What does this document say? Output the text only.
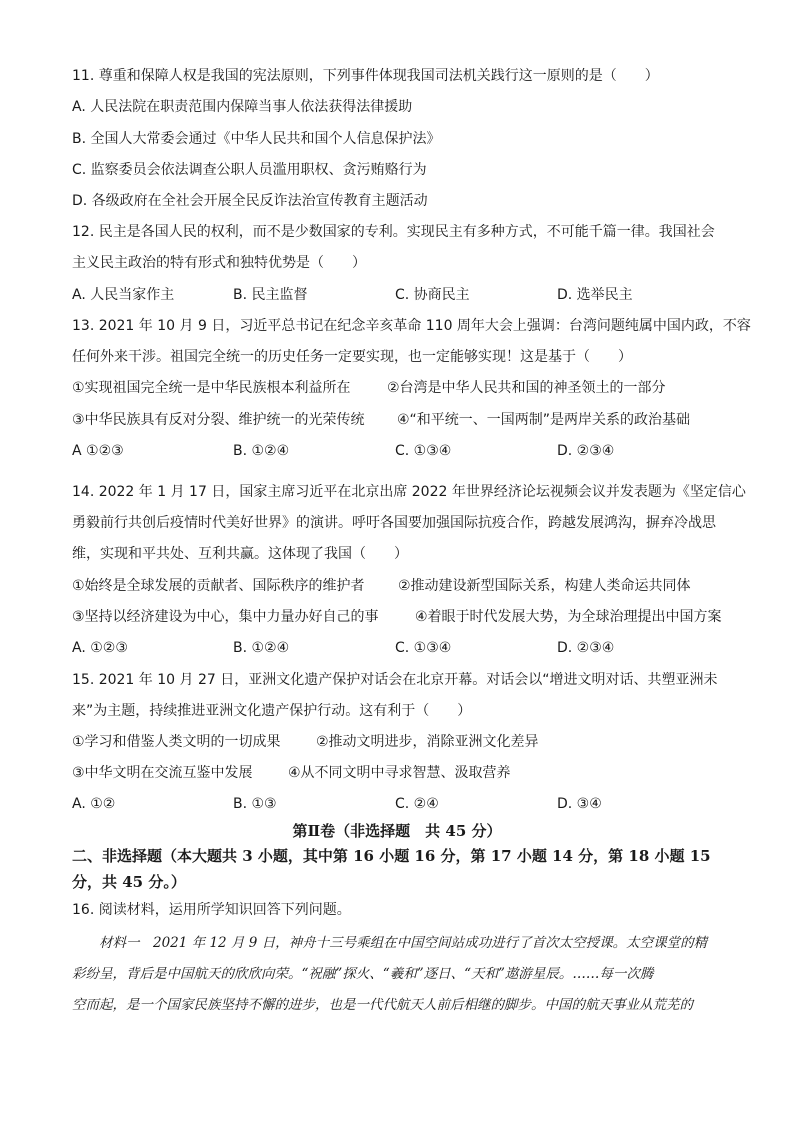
11. 尊重和保障人权是我国的宪法原则，下列事件体现我国司法机关践行这一原则的是（　　）
A. 人民法院在职责范围内保障当事人依法获得法律援助
B. 全国人大常委会通过《中华人民共和国个人信息保护法》
C. 监察委员会依法调查公职人员滥用职权、贪污贿赂行为
D. 各级政府在全社会开展全民反诈法治宣传教育主题活动
12. 民主是各国人民的权利，而不是少数国家的专利。实现民主有多种方式，不可能千篇一律。我国社会
主义民主政治的特有形式和独特优势是（　　）
A. 人民当家作主	B. 民主监督	C. 协商民主	D. 选举民主
13. 2021 年 10 月 9 日，习近平总书记在纪念辛亥革命 110 周年大会上强调：台湾问题纯属中国内政，不容
任何外来干涉。祖国完全统一的历史任务一定要实现，也一定能够实现！这是基于（　　）
①实现祖国完全统一是中华民族根本利益所在	②台湾是中华人民共和国的神圣领土的一部分
③中华民族具有反对分裂、维护统一的光荣传统 ④“和平统一、一国两制”是两岸关系的政治基础
A ①②③	B. ①②④	C. ①③④	D. ②③④
14. 2022 年 1 月 17 日，国家主席习近平在北京出席 2022 年世界经济论坛视频会议并发表题为《坚定信心
勇毅前行共创后疫情时代美好世界》的演讲。呼吁各国要加强国际抗疫合作，跨越发展鸿沟，摒弃冷战思
维，实现和平共处、互利共赢。这体现了我国（　　）
①始终是全球发展的贡献者、国际秩序的维护者 ②推动建设新型国际关系，构建人类命运共同体
③坚持以经济建设为中心，集中力量办好自己的事	④着眼于时代发展大势，为全球治理提出中国方案
A. ①②③	B. ①②④	C. ①③④	D. ②③④
15. 2021 年 10 月 27 日，亚洲文化遗产保护对话会在北京开幕。对话会以“增进文明对话、共塑亚洲未
来”为主题，持续推进亚洲文化遗产保护行动。这有利于（　　）
①学习和借鉴人类文明的一切成果	②推动文明进步，消除亚洲文化差异
③中华文明在交流互鉴中发展	④从不同文明中寻求智慧、汲取营养
A. ①②	B. ①③	C. ②④	D. ③④
第Ⅱ卷（非选择题　共 45 分）
二、非选择题（本大题共 3 小题，其中第 16 小题 16 分，第 17 小题 14 分，第 18 小题 15
分，共 45 分。）
16. 阅读材料，运用所学知识回答下列问题。
　　材料一　2021 年 12 月 9 日，神舟十三号乘组在中国空间站成功进行了首次太空授课。太空课堂的精
彩纷呈，背后是中国航天的欣欣向荣。“祝融”探火、“羲和”逐日、“天和”遨游星辰。……每一次腾
空而起，是一个国家民族坚持不懈的进步，也是一代代航天人前后相继的脚步。中国的航天事业从荒芜的
